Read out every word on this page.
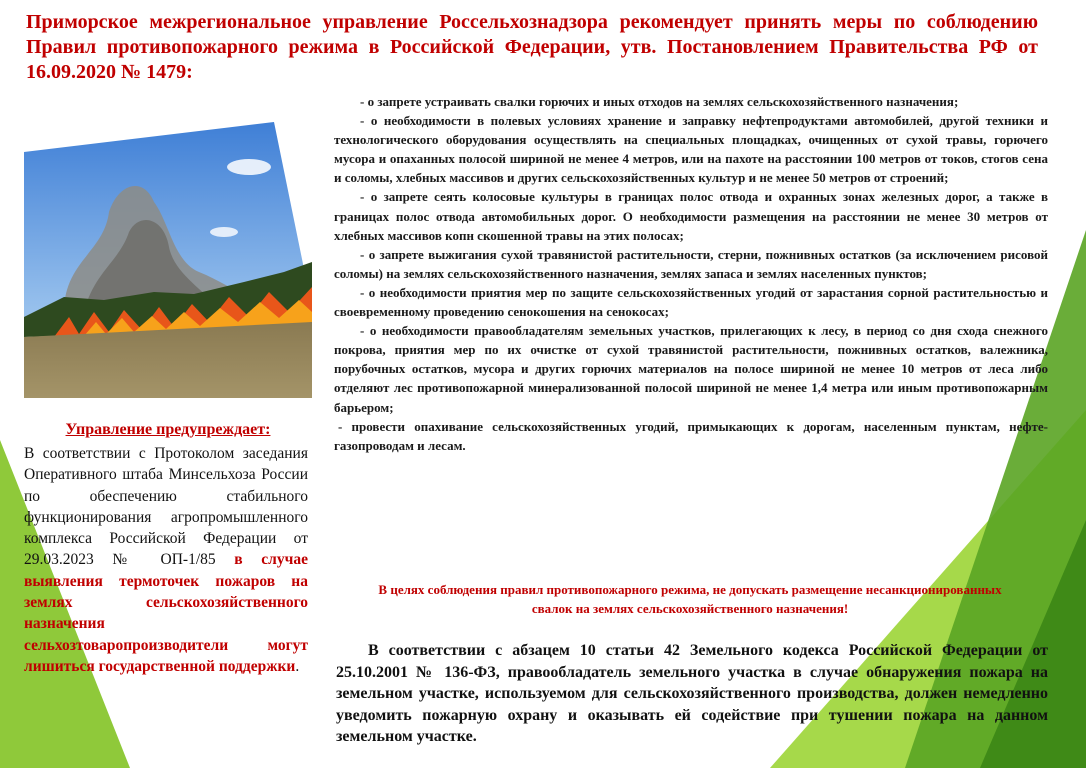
Приморское межрегиональное управление Россельхознадзора рекомендует принять меры по соблюдению Правил противопожарного режима в Российской Федерации, утв. Постановлением Правительства РФ от 16.09.2020 № 1479:

Управление предупреждает:

В соответствии с Протоколом заседания Оперативного штаба Минсельхоза России по обеспечению стабильного функционирования агропромышленного комплекса Российской Федерации от 29.03.2023 № ОП-1/85 в случае выявления термоточек пожаров на землях сельскохозяйственного назначения сельхозтоваропроизводители могут лишиться государственной поддержки.

- о запрете устраивать свалки горючих и иных отходов на землях сельскохозяйственного назначения;
- о необходимости в полевых условиях хранение и заправку нефтепродуктами автомобилей, другой техники и технологического оборудования осуществлять на специальных площадках, очищенных от сухой травы, горючего мусора и опаханных полосой шириной не менее 4 метров, или на пахоте на расстоянии 100 метров от токов, стогов сена и соломы, хлебных массивов и других сельскохозяйственных культур и не менее 50 метров от строений;
- о запрете сеять колосовые культуры в границах полос отвода и охранных зонах железных дорог, а также в границах полос отвода автомобильных дорог. О необходимости размещения на расстоянии не менее 30 метров от хлебных массивов копн скошенной травы на этих полосах;
- о запрете выжигания сухой травянистой растительности, стерни, пожнивных остатков (за исключением рисовой соломы) на землях сельскохозяйственного назначения, землях запаса и землях населенных пунктов;
- о необходимости приятия мер по защите сельскохозяйственных угодий от зарастания сорной растительностью и своевременному проведению сенокошения на сенокосах;
- о необходимости правообладателям земельных участков, прилегающих к лесу, в период со дня схода снежного покрова, приятия мер по их очистке от сухой травянистой растительности, пожнивных остатков, валежника, порубочных остатков, мусора и других горючих материалов на полосе шириной не менее 10 метров от леса либо отделяют лес противопожарной минерализованной полосой шириной не менее 1,4 метра или иным противопожарным барьером;
- провести опахивание сельскохозяйственных угодий, примыкающих к дорогам, населенным пунктам, нефте-газопроводам и лесам.

В целях соблюдения правил противопожарного режима, не допускать размещение несанкционированных свалок на землях сельскохозяйственного назначения!

В соответствии с абзацем 10 статьи 42 Земельного кодекса Российской Федерации от 25.10.2001 № 136-ФЗ, правообладатель земельного участка в случае обнаружения пожара на земельном участке, используемом для сельскохозяйственного производства, должен немедленно уведомить пожарную охрану и оказывать ей содействие при тушении пожара на данном земельном участке.
